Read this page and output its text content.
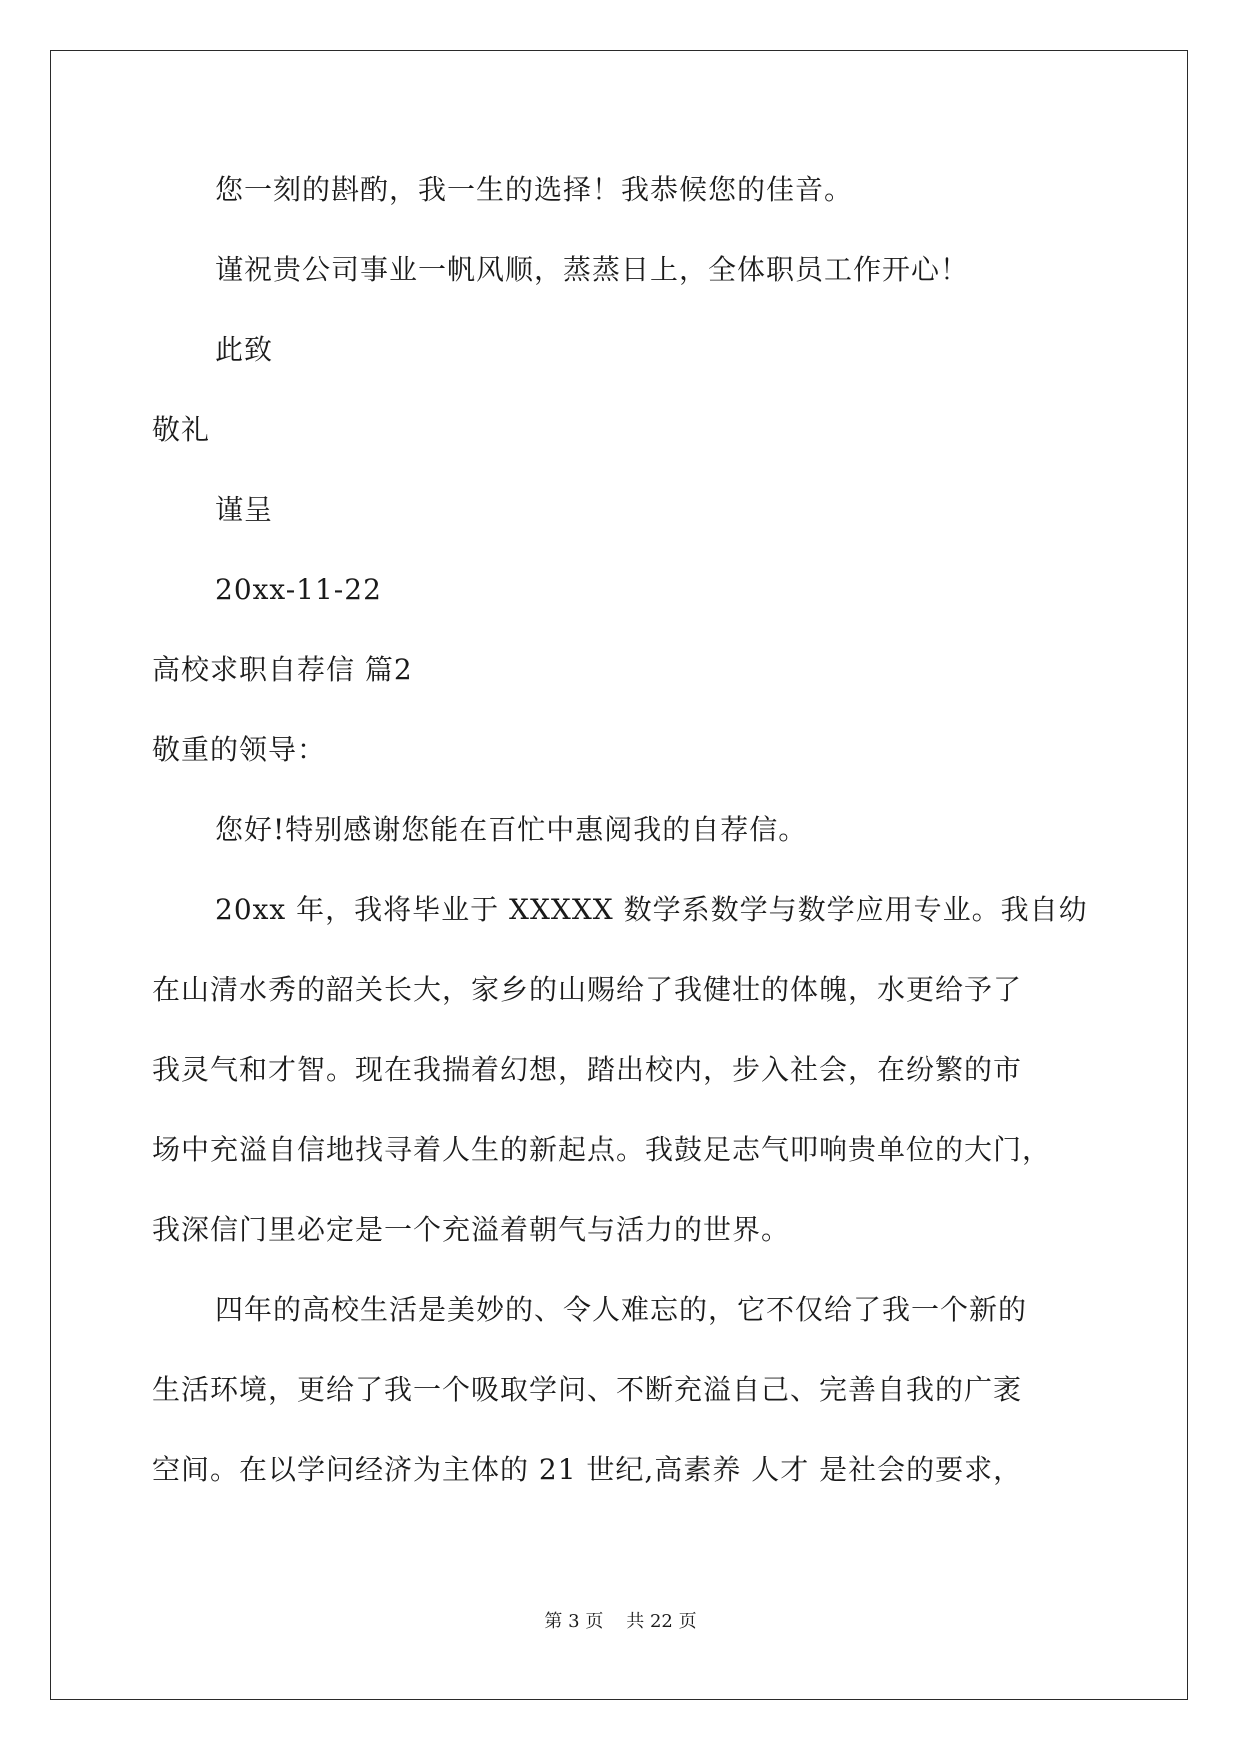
您一刻的斟酌，我一生的选择！我恭候您的佳音。

谨祝贵公司事业一帆风顺，蒸蒸日上，全体职员工作开心！

此致

敬礼

谨呈

20xx-11-22

高校求职自荐信 篇2

敬重的领导：

您好!特别感谢您能在百忙中惠阅我的自荐信。

20xx 年，我将毕业于 XXXXX 数学系数学与数学应用专业。我自幼

在山清水秀的韶关长大，家乡的山赐给了我健壮的体魄，水更给予了

我灵气和才智。现在我揣着幻想，踏出校内，步入社会，在纷繁的市

场中充溢自信地找寻着人生的新起点。我鼓足志气叩响贵单位的大门，

我深信门里必定是一个充溢着朝气与活力的世界。

四年的高校生活是美妙的、令人难忘的，它不仅给了我一个新的

生活环境，更给了我一个吸取学问、不断充溢自己、完善自我的广袤

空间。在以学问经济为主体的 21 世纪,高素养 人才 是社会的要求，

第 3 页 共 22 页
